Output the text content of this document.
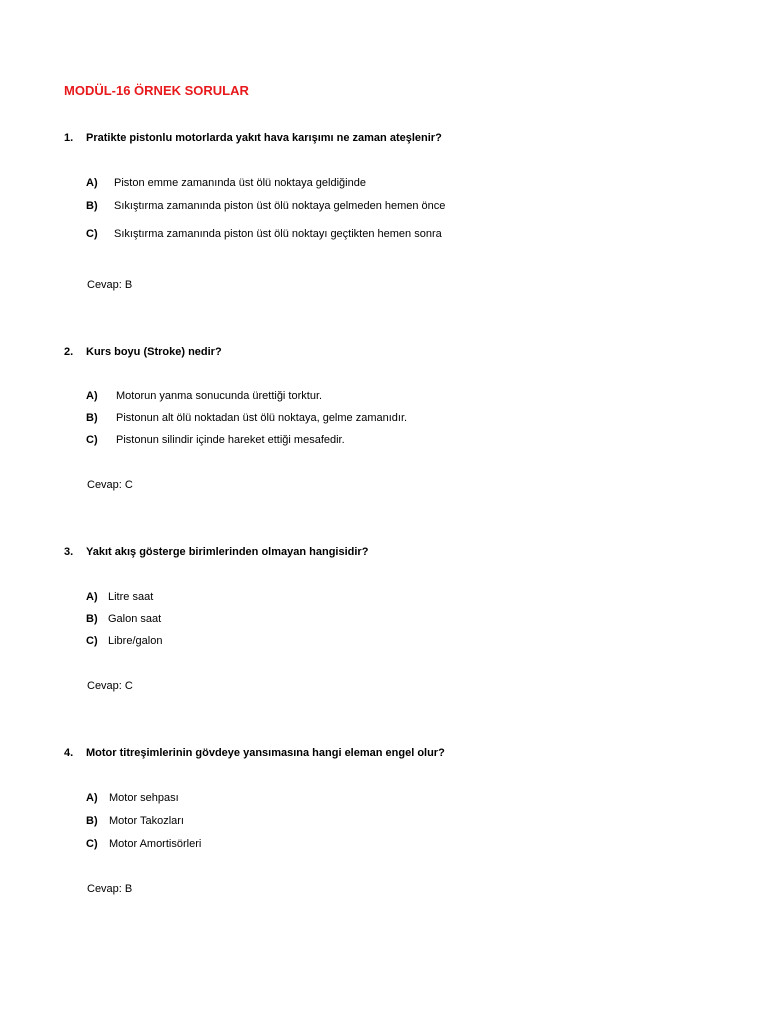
MODÜL-16 ÖRNEK SORULAR
1. Pratikte pistonlu motorlarda yakıt hava karışımı ne zaman ateşlenir?
A) Piston emme zamanında üst ölü noktaya geldiğinde
B) Sıkıştırma zamanında piston üst ölü noktaya gelmeden hemen önce
C) Sıkıştırma zamanında piston üst ölü noktayı geçtikten hemen sonra
Cevap: B
2. Kurs boyu (Stroke) nedir?
A) Motorun yanma sonucunda ürettiği torktur.
B) Pistonun alt ölü noktadan üst ölü noktaya, gelme zamanıdır.
C) Pistonun silindir içinde hareket ettiği mesafedir.
Cevap: C
3. Yakıt akış gösterge birimlerinden olmayan hangisidir?
A) Litre saat
B) Galon saat
C) Libre/galon
Cevap: C
4. Motor titreşimlerinin gövdeye yansımasına hangi eleman engel olur?
A) Motor sehpası
B) Motor Takozları
C) Motor Amortisörleri
Cevap: B
